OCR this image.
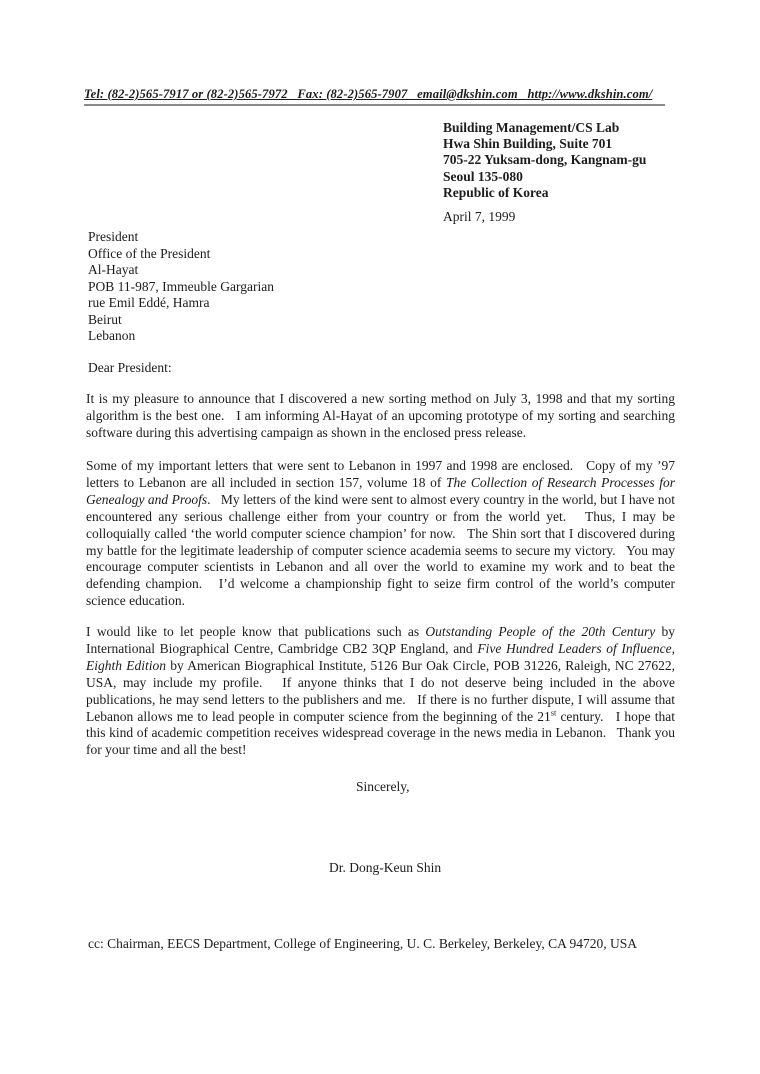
Tel: (82-2)565-7917 or (82-2)565-7972   Fax: (82-2)565-7907   email@dkshin.com   http://www.dkshin.com/
Building Management/CS Lab
Hwa Shin Building, Suite 701
705-22 Yuksam-dong, Kangnam-gu
Seoul 135-080
Republic of Korea
April 7, 1999
President
Office of the President
Al-Hayat
POB 11-987, Immeuble Gargarian
rue Emil Eddé, Hamra
Beirut
Lebanon
Dear President:
It is my pleasure to announce that I discovered a new sorting method on July 3, 1998 and that my sorting algorithm is the best one.   I am informing Al-Hayat of an upcoming prototype of my sorting and searching software during this advertising campaign as shown in the enclosed press release.
Some of my important letters that were sent to Lebanon in 1997 and 1998 are enclosed.   Copy of my ’97 letters to Lebanon are all included in section 157, volume 18 of The Collection of Research Processes for Genealogy and Proofs.   My letters of the kind were sent to almost every country in the world, but I have not encountered any serious challenge either from your country or from the world yet.   Thus, I may be colloquially called ‘the world computer science champion’ for now.   The Shin sort that I discovered during my battle for the legitimate leadership of computer science academia seems to secure my victory.   You may encourage computer scientists in Lebanon and all over the world to examine my work and to beat the defending champion.   I’d welcome a championship fight to seize firm control of the world’s computer science education.
I would like to let people know that publications such as Outstanding People of the 20th Century by International Biographical Centre, Cambridge CB2 3QP England, and Five Hundred Leaders of Influence, Eighth Edition by American Biographical Institute, 5126 Bur Oak Circle, POB 31226, Raleigh, NC 27622, USA, may include my profile.   If anyone thinks that I do not deserve being included in the above publications, he may send letters to the publishers and me.   If there is no further dispute, I will assume that Lebanon allows me to lead people in computer science from the beginning of the 21st century.   I hope that this kind of academic competition receives widespread coverage in the news media in Lebanon.   Thank you for your time and all the best!
Sincerely,
Dr. Dong-Keun Shin
cc: Chairman, EECS Department, College of Engineering, U. C. Berkeley, Berkeley, CA 94720, USA
